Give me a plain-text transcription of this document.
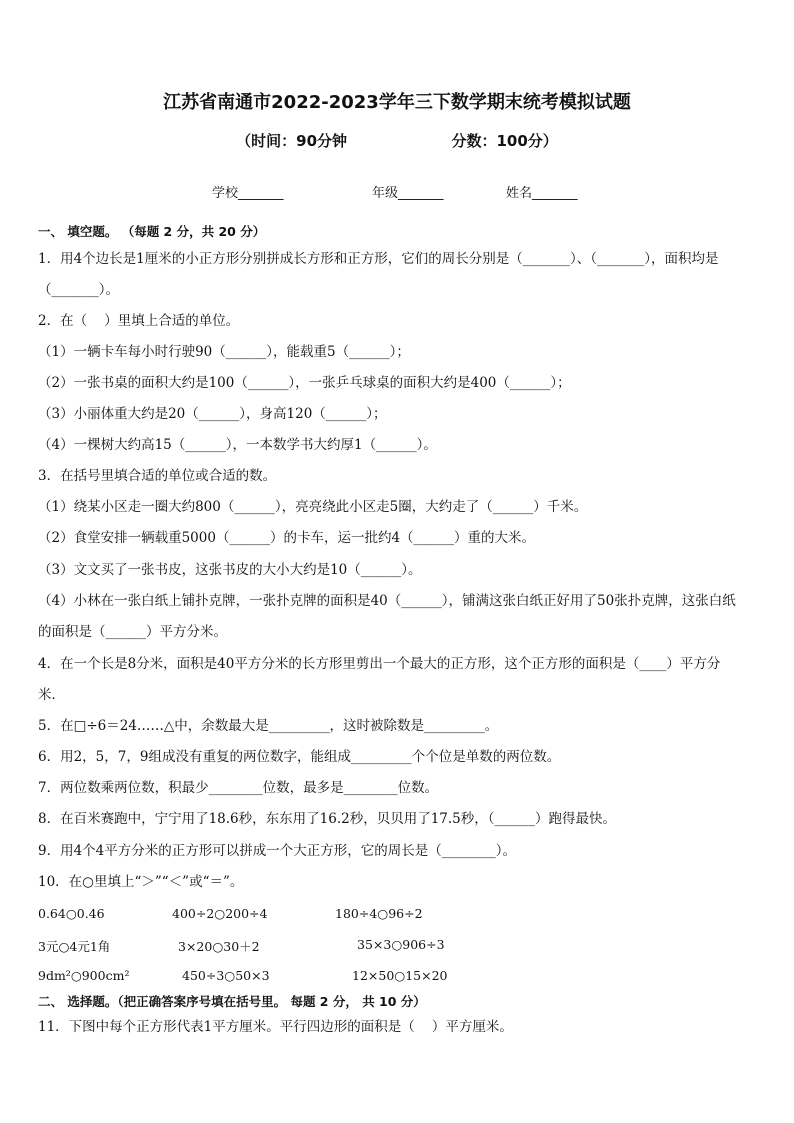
江苏省南通市2022-2023学年三下数学期末统考模拟试题
（时间：90分钟                    分数：100分）
学校_______	年级_______	姓名_______
一、 填空题。 （每题 2 分，共 20 分）
1．用4个边长是1厘米的小正方形分别拼成长方形和正方形，它们的周长分别是（_______）、（_______），面积均是
（_______）。
2．在（    ）里填上合适的单位。
（1）一辆卡车每小时行驶90（______），能载重5（______）；
（2）一张书桌的面积大约是100（______），一张乒乓球桌的面积大约是400（______）；
（3）小丽体重大约是20（______），身高120（______）；
（4）一棵树大约高15（______），一本数学书大约厚1（______）。
3．在括号里填合适的单位或合适的数。
（1）绕某小区走一圈大约800（______），亮亮绕此小区走5圈，大约走了（______）千米。
（2）食堂安排一辆载重5000（______）的卡车，运一批约4（______）重的大米。
（3）文文买了一张书皮，这张书皮的大小大约是10（______）。
（4）小林在一张白纸上铺扑克牌，一张扑克牌的面积是40（______），铺满这张白纸正好用了50张扑克牌，这张白纸
的面积是（______）平方分米。
4．在一个长是8分米，面积是40平方分米的长方形里剪出一个最大的正方形，这个正方形的面积是（____）平方分
米．
5．在□÷6＝24……△中，余数最大是_________，这时被除数是_________。
6．用2，5，7，9组成没有重复的两位数字，能组成_________个个位是单数的两位数。
7．两位数乘两位数，积最少________位数，最多是________位数。
8．在百米赛跑中，宁宁用了18.6秒，东东用了16.2秒，贝贝用了17.5秒，（______）跑得最快。
9．用4个4平方分米的正方形可以拼成一个大正方形，它的周长是（________）。
10．在○里填上“＞”“＜”或“＝”。
0.64○0.46	400÷2○200÷4	180÷4○96÷2
3元○4元1角	3×20○30＋2	35×3○906÷3
9dm²○900cm²	450÷3○50×3	12×50○15×20
二、 选择题。（把正确答案序号填在括号里。 每题 2 分， 共 10 分）
11．下图中每个正方形代表1平方厘米。平行四边形的面积是（    ）平方厘米。
